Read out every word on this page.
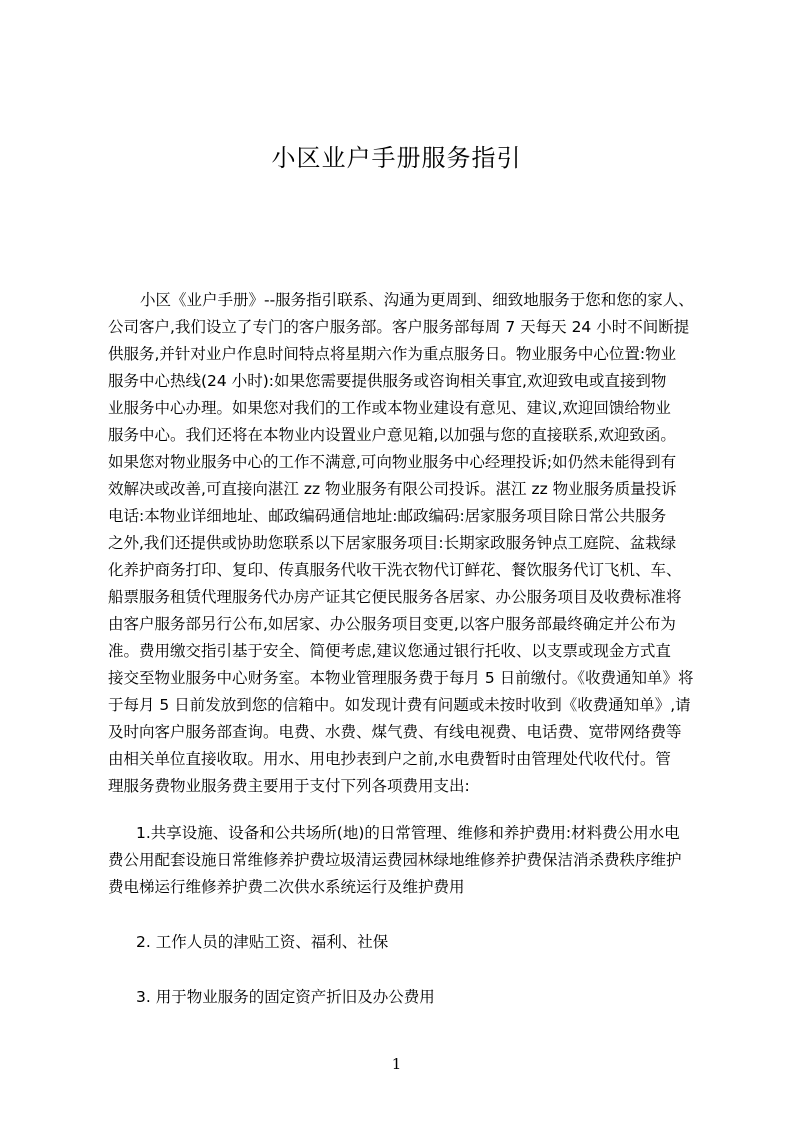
小区业户手册服务指引
小区《业户手册》--服务指引联系、沟通为更周到、细致地服务于您和您的家人、
公司客户,我们设立了专门的客户服务部。客户服务部每周 7 天每天 24 小时不间断提
供服务,并针对业户作息时间特点将星期六作为重点服务日。物业服务中心位置:物业
服务中心热线(24 小时):如果您需要提供服务或咨询相关事宜,欢迎致电或直接到物
业服务中心办理。如果您对我们的工作或本物业建设有意见、建议,欢迎回馈给物业
服务中心。我们还将在本物业内设置业户意见箱,以加强与您的直接联系,欢迎致函。
如果您对物业服务中心的工作不满意,可向物业服务中心经理投诉;如仍然未能得到有
效解决或改善,可直接向湛江 zz 物业服务有限公司投诉。湛江 zz 物业服务质量投诉
电话:本物业详细地址、邮政编码通信地址:邮政编码:居家服务项目除日常公共服务
之外,我们还提供或协助您联系以下居家服务项目:长期家政服务钟点工庭院、盆栽绿
化养护商务打印、复印、传真服务代收干洗衣物代订鲜花、餐饮服务代订飞机、车、
船票服务租赁代理服务代办房产证其它便民服务各居家、办公服务项目及收费标准将
由客户服务部另行公布,如居家、办公服务项目变更,以客户服务部最终确定并公布为
准。费用缴交指引基于安全、简便考虑,建议您通过银行托收、以支票或现金方式直
接交至物业服务中心财务室。本物业管理服务费于每月 5 日前缴付。《收费通知单》将
于每月 5 日前发放到您的信箱中。如发现计费有问题或未按时收到《收费通知单》,请
及时向客户服务部查询。电费、水费、煤气费、有线电视费、电话费、宽带网络费等
由相关单位直接收取。用水、用电抄表到户之前,水电费暂时由管理处代收代付。管
理服务费物业服务费主要用于支付下列各项费用支出:
1.共享设施、设备和公共场所(地)的日常管理、维修和养护费用:材料费公用水电
费公用配套设施日常维修养护费垃圾清运费园林绿地维修养护费保洁消杀费秩序维护
费电梯运行维修养护费二次供水系统运行及维护费用
2. 工作人员的津贴工资、福利、社保
3. 用于物业服务的固定资产折旧及办公费用
1
